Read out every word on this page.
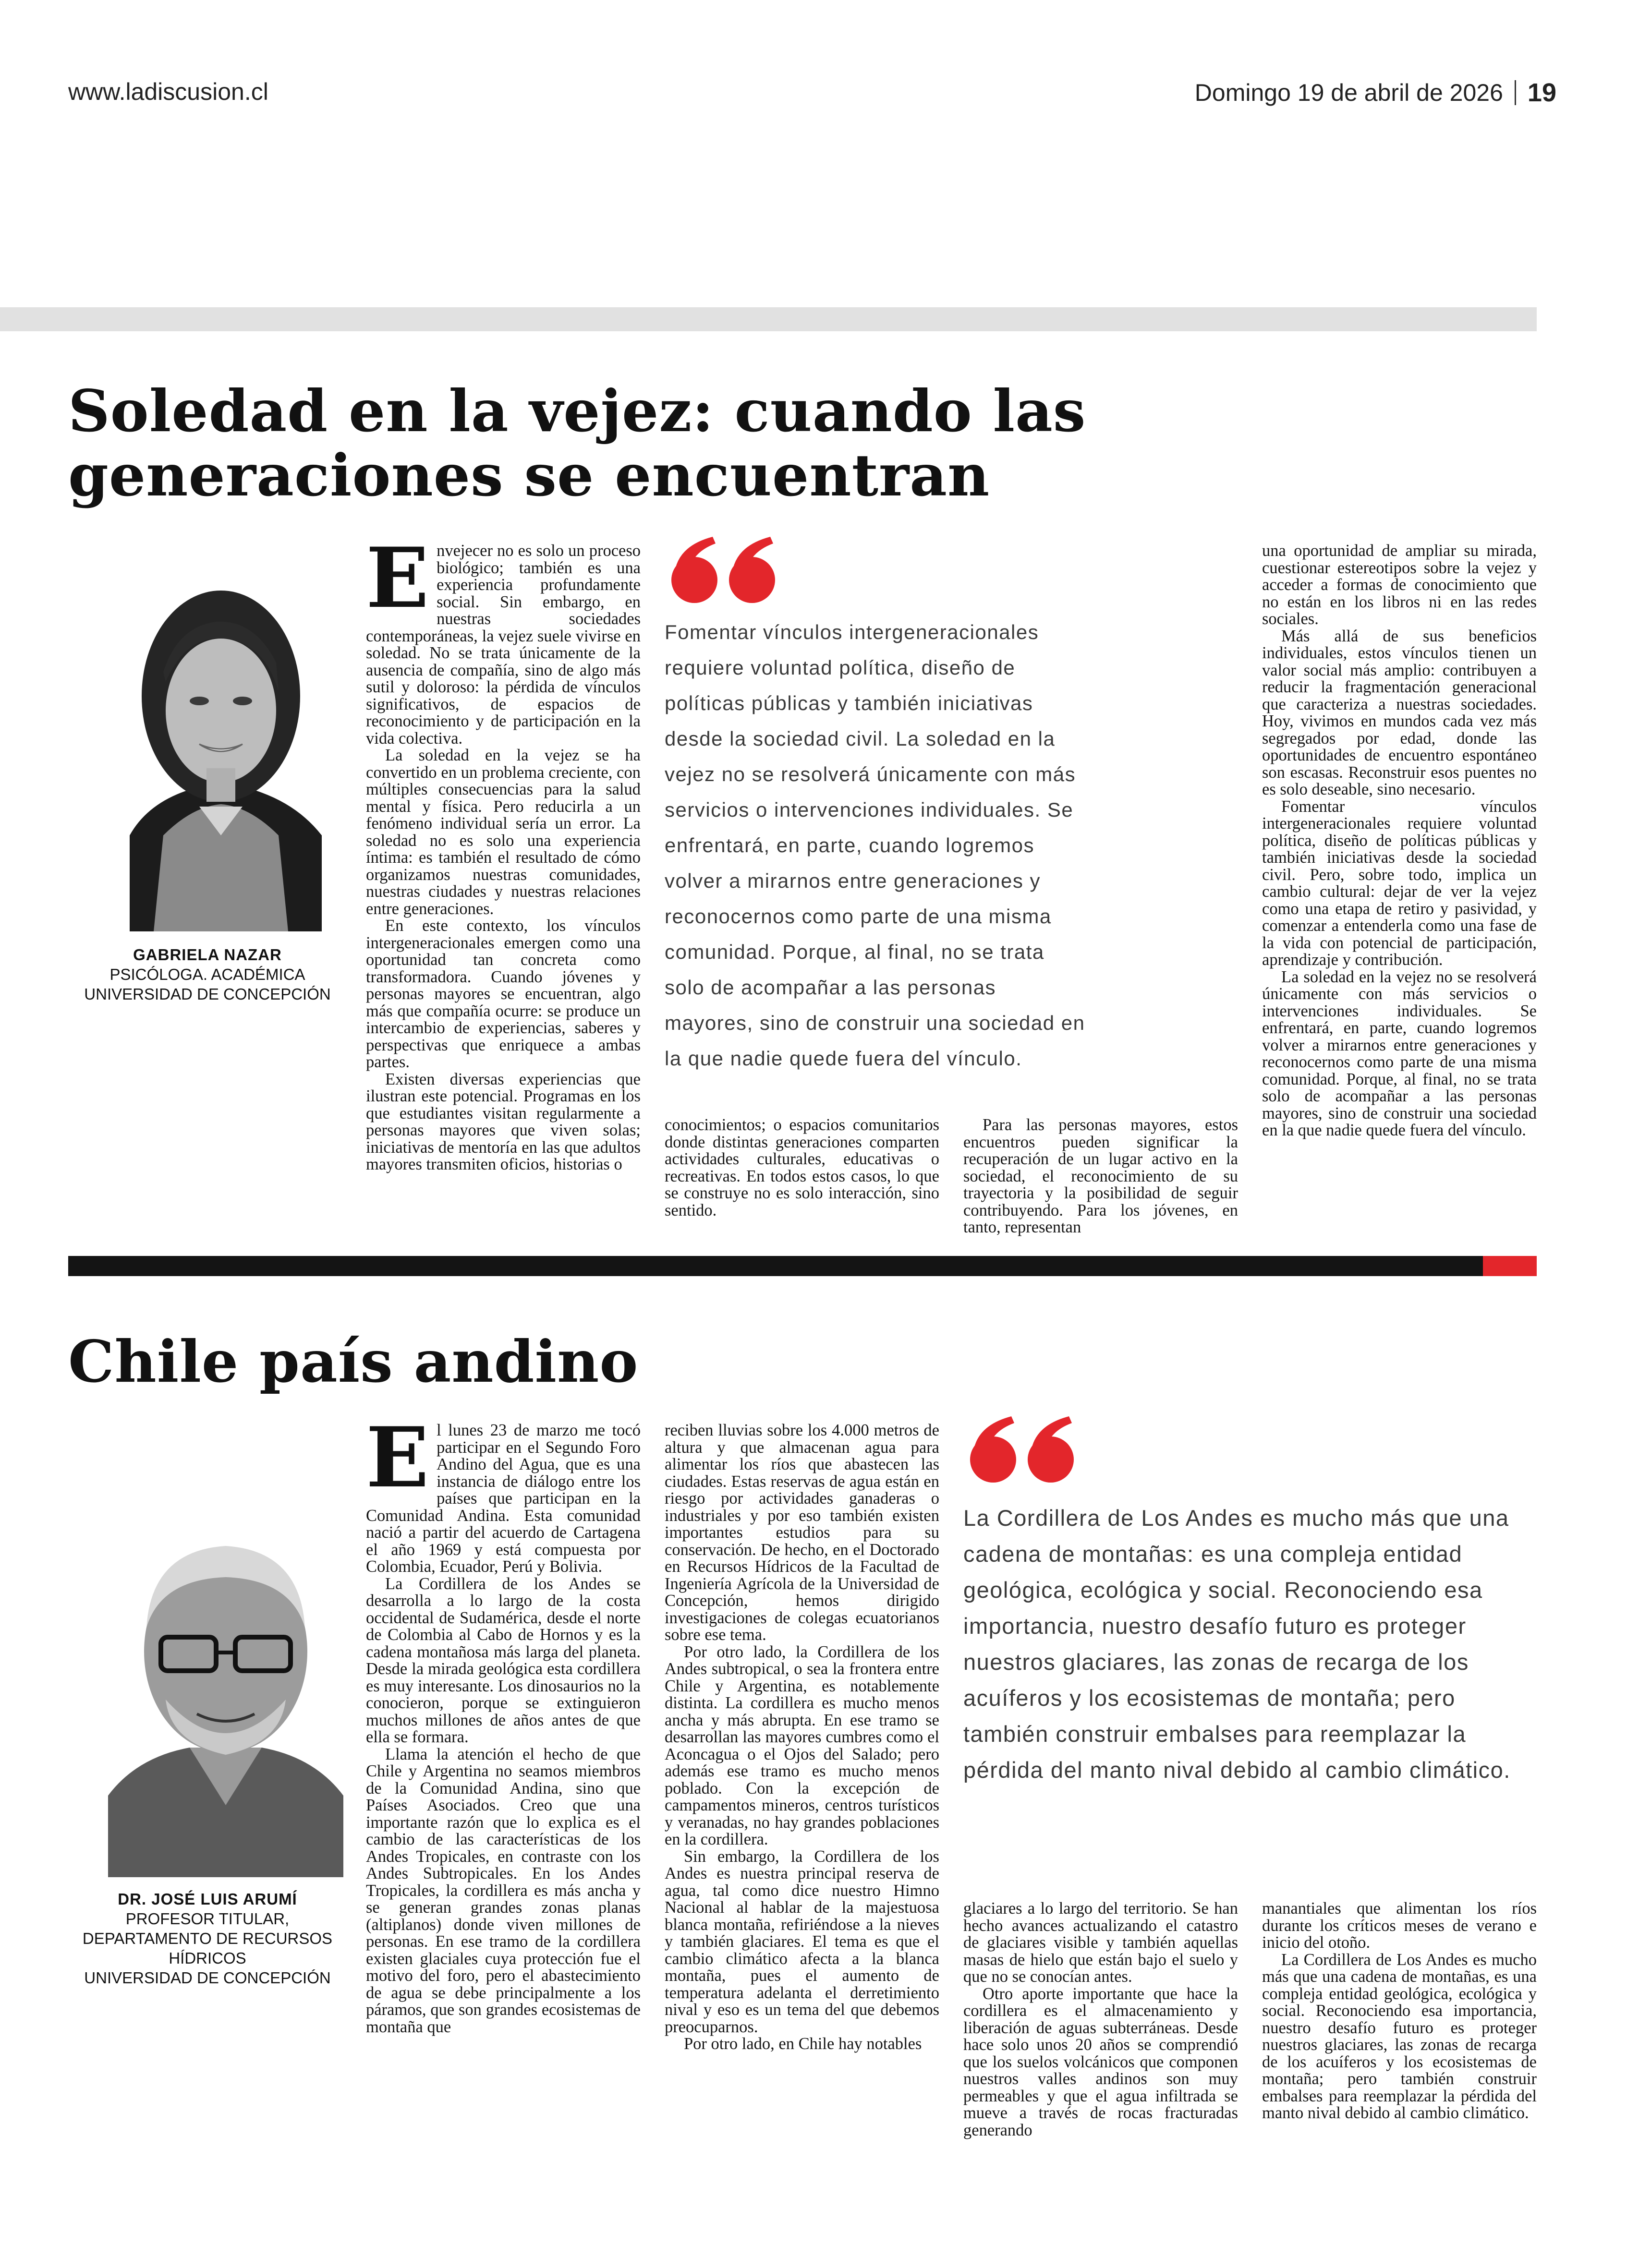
www.ladiscusion.cl	Domingo 19 de abril de 2026 19
Soledad en la vejez: cuando las
generaciones se encuentran
GABRIELA NAZAR
PSICÓLOGA. ACADÉMICA
UNIVERSIDAD DE CONCEPCIÓN
E nvejecer no es solo un proceso biológico; también es una experiencia profundamente social. Sin embargo, en nuestras sociedades contemporáneas, la vejez suele vivirse en soledad. No se trata únicamente de la ausencia de compañía, sino de algo más sutil y doloroso: la pérdida de vínculos significativos, de espacios de reconocimiento y de participación en la vida colectiva.

La soledad en la vejez se ha convertido en un problema creciente, con múltiples consecuencias para la salud mental y física. Pero reducirla a un fenómeno individual sería un error. La soledad no es solo una experiencia íntima: es también el resultado de cómo organizamos nuestras comunidades, nuestras ciudades y nuestras relaciones entre generaciones.

En este contexto, los vínculos intergeneracionales emergen como una oportunidad tan concreta como transformadora. Cuando jóvenes y personas mayores se encuentran, algo más que compañía ocurre: se produce un intercambio de experiencias, saberes y perspectivas que enriquece a ambas partes.

Existen diversas experiencias que ilustran este potencial. Programas en los que estudiantes visitan regularmente a personas mayores que viven solas; iniciativas de mentoría en las que adultos mayores transmiten oficios, historias o

Fomentar vínculos intergeneracionales requiere voluntad política, diseño de políticas públicas y también iniciativas desde la sociedad civil. La soledad en la vejez no se resolverá únicamente con más servicios o intervenciones individuales. Se enfrentará, en parte, cuando logremos volver a mirarnos entre generaciones y reconocernos como parte de una misma comunidad. Porque, al final, no se trata solo de acompañar a las personas mayores, sino de construir una sociedad en la que nadie quede fuera del vínculo.

conocimientos; o espacios comunitarios donde distintas generaciones comparten actividades culturales, educativas o recreativas. En todos estos casos, lo que se construye no es solo interacción, sino sentido.

Para las personas mayores, estos encuentros pueden significar la recuperación de un lugar activo en la sociedad, el reconocimiento de su trayectoria y la posibilidad de seguir contribuyendo. Para los jóvenes, en tanto, representan

una oportunidad de ampliar su mirada, cuestionar estereotipos sobre la vejez y acceder a formas de conocimiento que no están en los libros ni en las redes sociales.

Más allá de sus beneficios individuales, estos vínculos tienen un valor social más amplio: contribuyen a reducir la fragmentación generacional que caracteriza a nuestras sociedades. Hoy, vivimos en mundos cada vez más segregados por edad, donde las oportunidades de encuentro espontáneo son escasas. Reconstruir esos puentes no es solo deseable, sino necesario.

Fomentar vínculos intergeneracionales requiere voluntad política, diseño de políticas públicas y también iniciativas desde la sociedad civil. Pero, sobre todo, implica un cambio cultural: dejar de ver la vejez como una etapa de retiro y pasividad, y comenzar a entenderla como una fase de la vida con potencial de participación, aprendizaje y contribución.

La soledad en la vejez no se resolverá únicamente con más servicios o intervenciones individuales. Se enfrentará, en parte, cuando logremos volver a mirarnos entre generaciones y reconocernos como parte de una misma comunidad. Porque, al final, no se trata solo de acompañar a las personas mayores, sino de construir una sociedad en la que nadie quede fuera del vínculo.

Chile país andino
DR. JOSÉ LUIS ARUMÍ
PROFESOR TITULAR,
DEPARTAMENTO DE RECURSOS
HÍDRICOS
UNIVERSIDAD DE CONCEPCIÓN
E l lunes 23 de marzo me tocó participar en el Segundo Foro Andino del Agua, que es una instancia de diálogo entre los países que participan en la Comunidad Andina. Esta comunidad nació a partir del acuerdo de Cartagena el año 1969 y está compuesta por Colombia, Ecuador, Perú y Bolivia.

La Cordillera de los Andes se desarrolla a lo largo de la costa occidental de Sudamérica, desde el norte de Colombia al Cabo de Hornos y es la cadena montañosa más larga del planeta. Desde la mirada geológica esta cordillera es muy interesante. Los dinosaurios no la conocieron, porque se extinguieron muchos millones de años antes de que ella se formara.

Llama la atención el hecho de que Chile y Argentina no seamos miembros de la Comunidad Andina, sino que Países Asociados. Creo que una importante razón que lo explica es el cambio de las características de los Andes Tropicales, en contraste con los Andes Subtropicales. En los Andes Tropicales, la cordillera es más ancha y se generan grandes zonas planas (altiplanos) donde viven millones de personas. En ese tramo de la cordillera existen glaciales cuya protección fue el motivo del foro, pero el abastecimiento de agua se debe principalmente a los páramos, que son grandes ecosistemas de montaña que

reciben lluvias sobre los 4.000 metros de altura y que almacenan agua para alimentar los ríos que abastecen las ciudades. Estas reservas de agua están en riesgo por actividades ganaderas o industriales y por eso también existen importantes estudios para su conservación. De hecho, en el Doctorado en Recursos Hídricos de la Facultad de Ingeniería Agrícola de la Universidad de Concepción, hemos dirigido investigaciones de colegas ecuatorianos sobre ese tema.

Por otro lado, la Cordillera de los Andes subtropical, o sea la frontera entre Chile y Argentina, es notablemente distinta. La cordillera es mucho menos ancha y más abrupta. En ese tramo se desarrollan las mayores cumbres como el Aconcagua o el Ojos del Salado; pero además ese tramo es mucho menos poblado. Con la excepción de campamentos mineros, centros turísticos y veranadas, no hay grandes poblaciones en la cordillera.

Sin embargo, la Cordillera de los Andes es nuestra principal reserva de agua, tal como dice nuestro Himno Nacional al hablar de la majestuosa blanca montaña, refiriéndose a la nieves y también glaciares. El tema es que el cambio climático afecta a la blanca montaña, pues el aumento de temperatura adelanta el derretimiento nival y eso es un tema del que debemos preocuparnos.

Por otro lado, en Chile hay notables

La Cordillera de Los Andes es mucho más que una cadena de montañas: es una compleja entidad geológica, ecológica y social. Reconociendo esa importancia, nuestro desafío futuro es proteger nuestros glaciares, las zonas de recarga de los acuíferos y los ecosistemas de montaña; pero también construir embalses para reemplazar la pérdida del manto nival debido al cambio climático.

glaciares a lo largo del territorio. Se han hecho avances actualizando el catastro de glaciares visible y también aquellas masas de hielo que están bajo el suelo y que no se conocían antes.

Otro aporte importante que hace la cordillera es el almacenamiento y liberación de aguas subterráneas. Desde hace solo unos 20 años se comprendió que los suelos volcánicos que componen nuestros valles andinos son muy permeables y que el agua infiltrada se mueve a través de rocas fracturadas generando

manantiales que alimentan los ríos durante los críticos meses de verano e inicio del otoño.

La Cordillera de Los Andes es mucho más que una cadena de montañas, es una compleja entidad geológica, ecológica y social. Reconociendo esa importancia, nuestro desafío futuro es proteger nuestros glaciares, las zonas de recarga de los acuíferos y los ecosistemas de montaña; pero también construir embalses para reemplazar la pérdida del manto nival debido al cambio climático.
